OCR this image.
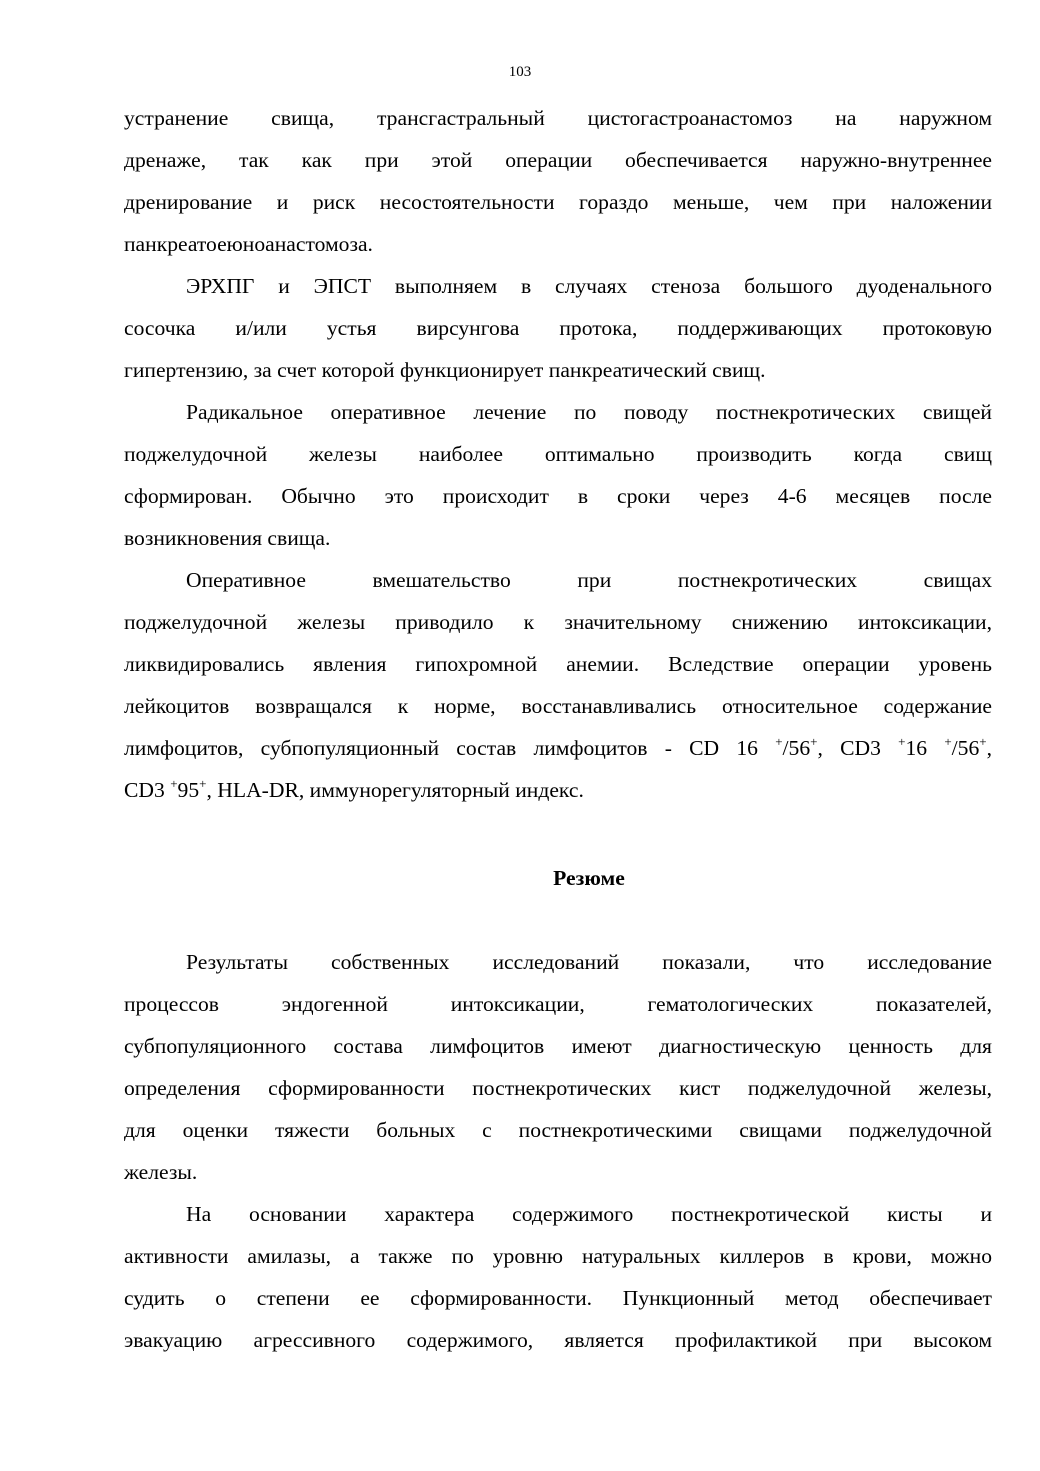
103
устранение свища, трансгастральный цистогастроанастомоз на наружном
дренаже, так как при этой операции обеспечивается наружно-внутреннее
дренирование и риск несостоятельности гораздо меньше, чем при наложении
панкреатоеюноанастомоза.
ЭРХПГ и ЭПСТ выполняем в случаях стеноза большого дуоденального
сосочка и/или устья вирсунгова протока, поддерживающих протоковую
гипертензию, за счет которой функционирует панкреатический свищ.
Радикальное оперативное лечение по поводу постнекротических свищей
поджелудочной железы наиболее оптимально производить когда свищ
сформирован. Обычно это происходит в сроки через 4-6 месяцев после
возникновения свища.
Оперативное вмешательство при постнекротических свищах
поджелудочной железы приводило к значительному снижению интоксикации,
ликвидировались явления гипохромной анемии. Вследствие операции уровень
лейкоцитов возвращался к норме, восстанавливались относительное содержание
лимфоцитов, субпопуляционный состав лимфоцитов - CD 16 +/56+, CD3 +16 +/56+,
CD3 +95+, HLA-DR, иммунорегуляторный индекс.
Резюме
Результаты собственных исследований показали, что исследование
процессов эндогенной интоксикации, гематологических показателей,
субпопуляционного состава лимфоцитов имеют диагностическую ценность для
определения сформированности постнекротических кист поджелудочной железы,
для оценки тяжести больных с постнекротическими свищами поджелудочной
железы.
На основании характера содержимого постнекротической кисты и
активности амилазы, а также по уровню натуральных киллеров в крови, можно
судить о степени ее сформированности. Пункционный метод обеспечивает
эвакуацию агрессивного содержимого, является профилактикой при высоком
